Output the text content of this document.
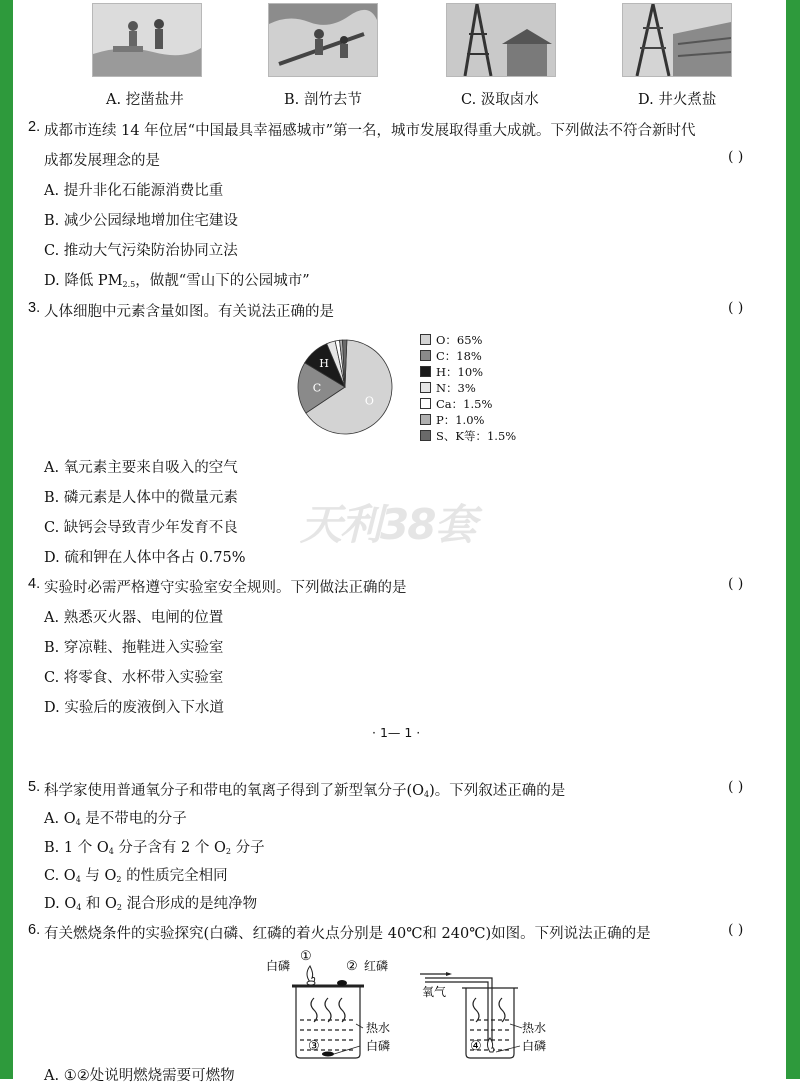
A. 挖凿盐井	B. 剖竹去节	C. 汲取卤水	D. 井火煮盐
2. 成都市连续 14 年位居“中国最具幸福感城市”第一名，城市发展取得重大成就。下列做法不符合新时代
成都发展理念的是	( )
A. 提升非化石能源消费比重
B. 减少公园绿地增加住宅建设
C. 推动大气污染防治协同立法
D. 降低 $PM_{2.5}$，做靓“雪山下的公园城市”
3. 人体细胞中元素含量如图。有关说法正确的是	( )
O
C
H
O：65%
C：18%
H：10%
N：3%
Ca：1.5%
P：1.0%
S、K等：1.5%
天利38套
A. 氧元素主要来自吸入的空气
B. 磷元素是人体中的微量元素
C. 缺钙会导致青少年发育不良
D. 硫和钾在人体中各占 0.75%
4. 实验时必需严格遵守实验室安全规则。下列做法正确的是	( )
A. 熟悉灭火器、电闸的位置
B. 穿凉鞋、拖鞋进入实验室
C. 将零食、水杯带入实验室
D. 实验后的废液倒入下水道
· 1— 1 ·
5. 科学家使用普通氧分子和带电的氧离子得到了新型氧分子$(O_4)$。下列叙述正确的是	( )
A. $O_4$ 是不带电的分子
B. 1 个 $O_4$ 分子含有 2 个 $O_2$ 分子
C. $O_4$ 与 $O_2$ 的性质完全相同
D. $O_4$ 和 $O_2$ 混合形成的是纯净物
6. 有关燃烧条件的实验探究(白磷、红磷的着火点分别是 40℃和 240℃)如图。下列说法正确的是	( )
白磷
①
② 红磷
热水
③	白磷
氧气
热水
④	白磷
A. ①②处说明燃烧需要可燃物
